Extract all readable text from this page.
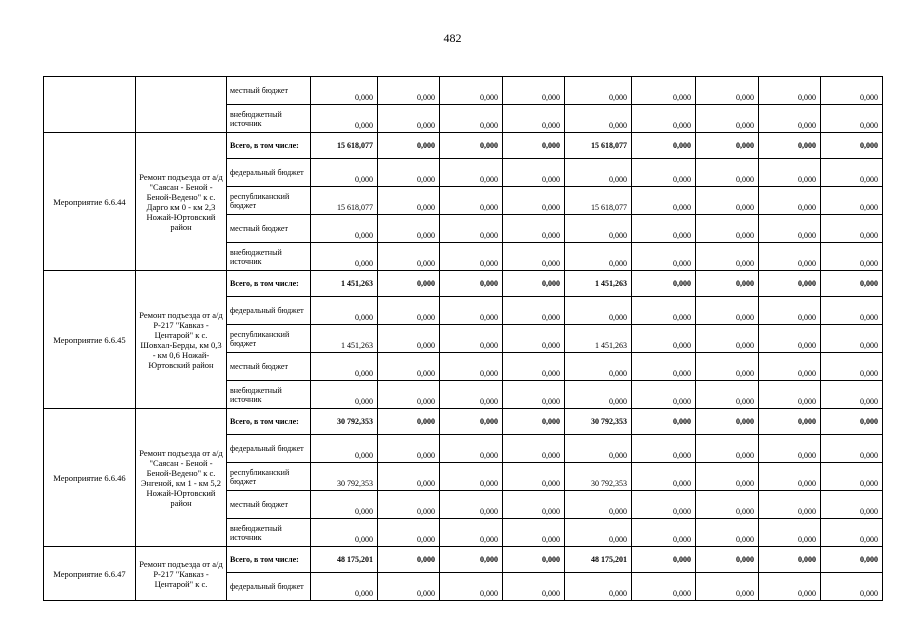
482
		местный бюджет	0,000	0,000	0,000	0,000	0,000	0,000	0,000	0,000	0,000
		внебюджетный источник	0,000	0,000	0,000	0,000	0,000	0,000	0,000	0,000	0,000
Мероприятие 6.6.44	Ремонт подъезда от а/д "Саясан - Беной - Беной-Ведено" к с. Дарго км 0 - км 2,3 Ножай-Юртовский район	Всего, в том числе:	15 618,077	0,000	0,000	0,000	15 618,077	0,000	0,000	0,000	0,000
		федеральный бюджет	0,000	0,000	0,000	0,000	0,000	0,000	0,000	0,000	0,000
		республиканский бюджет	15 618,077	0,000	0,000	0,000	15 618,077	0,000	0,000	0,000	0,000
		местный бюджет	0,000	0,000	0,000	0,000	0,000	0,000	0,000	0,000	0,000
		внебюджетный источник	0,000	0,000	0,000	0,000	0,000	0,000	0,000	0,000	0,000
Мероприятие 6.6.45	Ремонт подъезда от а/д Р-217 "Кавказ - Центарой" к с. Шовхал-Берды, км 0,3 - км 0,6 Ножай-Юртовский район	Всего, в том числе:	1 451,263	0,000	0,000	0,000	1 451,263	0,000	0,000	0,000	0,000
		федеральный бюджет	0,000	0,000	0,000	0,000	0,000	0,000	0,000	0,000	0,000
		республиканский бюджет	1 451,263	0,000	0,000	0,000	1 451,263	0,000	0,000	0,000	0,000
		местный бюджет	0,000	0,000	0,000	0,000	0,000	0,000	0,000	0,000	0,000
		внебюджетный источник	0,000	0,000	0,000	0,000	0,000	0,000	0,000	0,000	0,000
Мероприятие 6.6.46	Ремонт подъезда от а/д "Саясан - Беной - Беной-Ведено" к с. Энгеной, км 1 - км 5,2 Ножай-Юртовский район	Всего, в том числе:	30 792,353	0,000	0,000	0,000	30 792,353	0,000	0,000	0,000	0,000
		федеральный бюджет	0,000	0,000	0,000	0,000	0,000	0,000	0,000	0,000	0,000
		республиканский бюджет	30 792,353	0,000	0,000	0,000	30 792,353	0,000	0,000	0,000	0,000
		местный бюджет	0,000	0,000	0,000	0,000	0,000	0,000	0,000	0,000	0,000
		внебюджетный источник	0,000	0,000	0,000	0,000	0,000	0,000	0,000	0,000	0,000
Мероприятие 6.6.47	Ремонт подъезда от а/д Р-217 "Кавказ - Центарой" к с.	Всего, в том числе:	48 175,201	0,000	0,000	0,000	48 175,201	0,000	0,000	0,000	0,000
		федеральный бюджет	0,000	0,000	0,000	0,000	0,000	0,000	0,000	0,000	0,000
